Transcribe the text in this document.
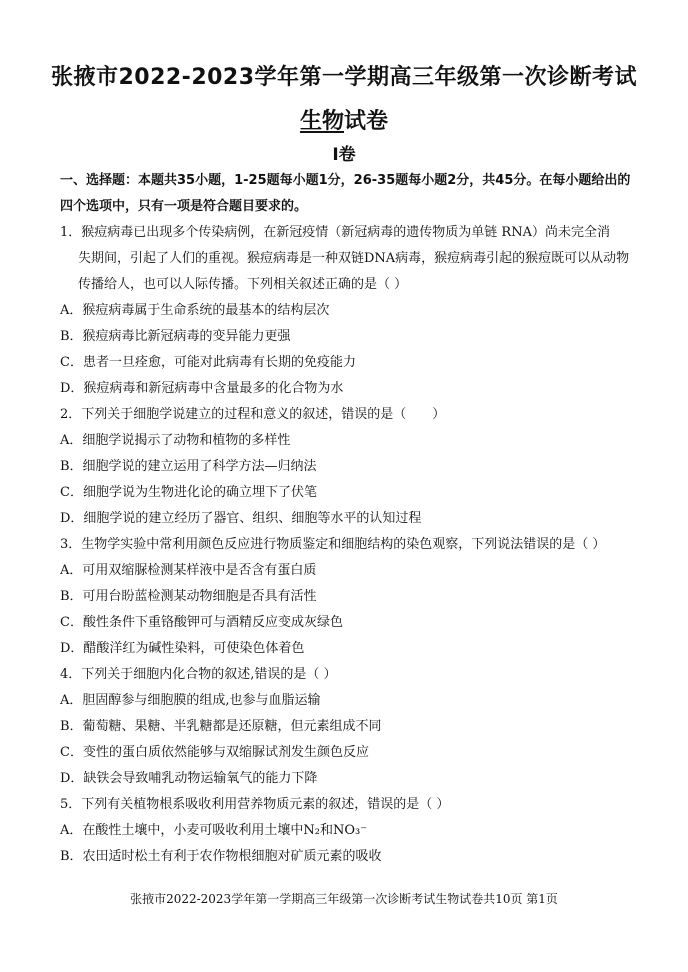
张掖市2022-2023学年第一学期高三年级第一次诊断考试
生物试卷
Ⅰ卷

一、选择题：本题共35小题，1-25题每小题1分，26-35题每小题2分，共45分。在每小题给出的四个选项中，只有一项是符合题目要求的。

1．猴痘病毒已出现多个传染病例，在新冠疫情（新冠病毒的遗传物质为单链 RNA）尚未完全消
失期间，引起了人们的重视。猴痘病毒是一种双链DNA病毒，猴痘病毒引起的猴痘既可以从动物传播给人，也可以人际传播。下列相关叙述正确的是（ ）

A．猴痘病毒属于生命系统的最基本的结构层次

B．猴痘病毒比新冠病毒的变异能力更强

C．患者一旦痊愈，可能对此病毒有长期的免疫能力

D．猴痘病毒和新冠病毒中含量最多的化合物为水

2．下列关于细胞学说建立的过程和意义的叙述，错误的是（　　）

A．细胞学说揭示了动物和植物的多样性

B．细胞学说的建立运用了科学方法—归纳法

C．细胞学说为生物进化论的确立埋下了伏笔

D．细胞学说的建立经历了器官、组织、细胞等水平的认知过程

3．生物学实验中常利用颜色反应进行物质鉴定和细胞结构的染色观察，下列说法错误的是（ ）

A．可用双缩脲检测某样液中是否含有蛋白质

B．可用台盼蓝检测某动物细胞是否具有活性

C．酸性条件下重铬酸钾可与酒精反应变成灰绿色

D．醋酸洋红为碱性染料，可使染色体着色

4．下列关于细胞内化合物的叙述,错误的是（ ）

A．胆固醇参与细胞膜的组成,也参与血脂运输

B．葡萄糖、果糖、半乳糖都是还原糖，但元素组成不同

C．变性的蛋白质依然能够与双缩脲试剂发生颜色反应

D．缺铁会导致哺乳动物运输氧气的能力下降

5．下列有关植物根系吸收利用营养物质元素的叙述，错误的是（ ）

A．在酸性土壤中，小麦可吸收利用土壤中N₂和NO₃⁻

B．农田适时松土有利于农作物根细胞对矿质元素的吸收

张掖市2022-2023学年第一学期高三年级第一次诊断考试生物试卷共10页 第1页
